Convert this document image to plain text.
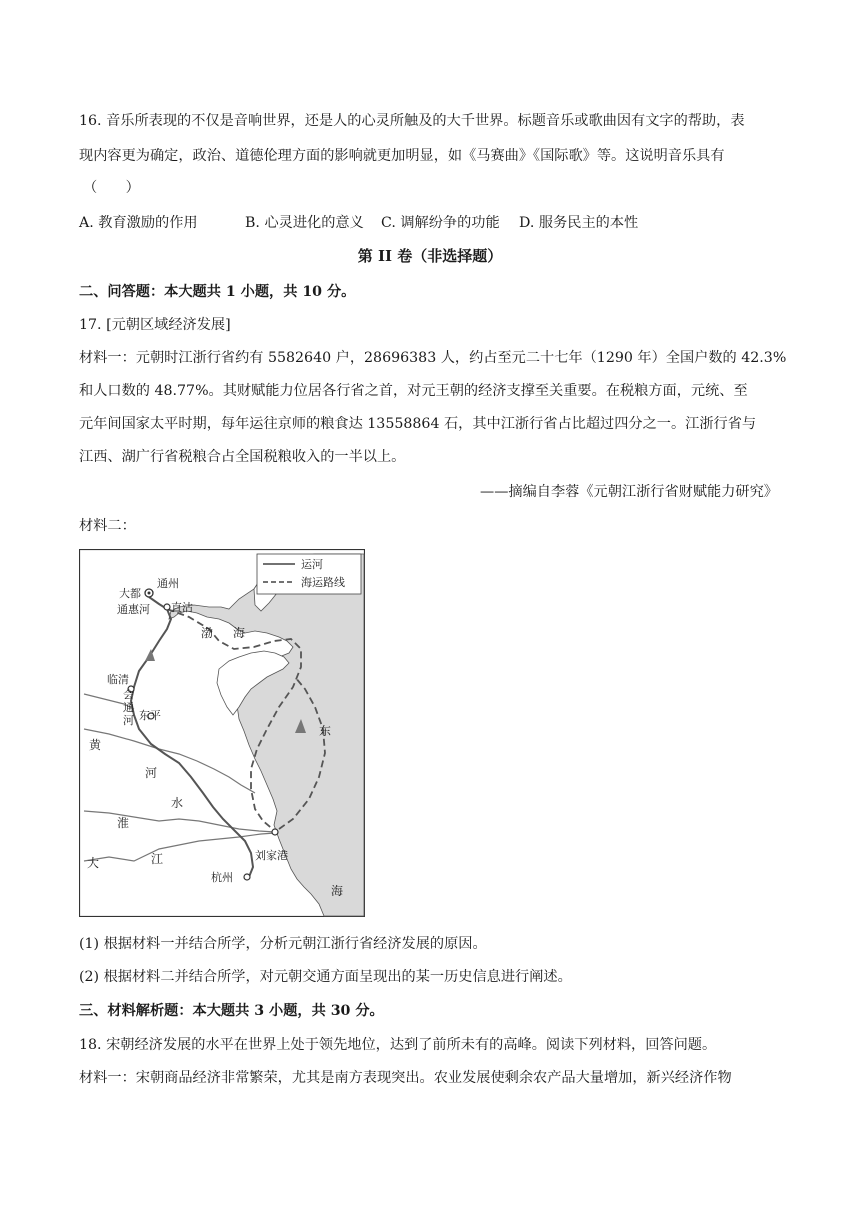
16. 音乐所表现的不仅是音响世界，还是人的心灵所触及的大千世界。标题音乐或歌曲因有文字的帮助，表
现内容更为确定，政治、道德伦理方面的影响就更加明显，如《马赛曲》《国际歌》等。这说明音乐具有
（　　）
A. 教育激励的作用	B. 心灵进化的意义 C. 调解纷争的功能 D. 服务民主的本性
第 II 卷（非选择题）
二、问答题：本大题共 1 小题，共 10 分。
17. [元朝区域经济发展]
材料一：元朝时江浙行省约有 5582640 户，28696383 人，约占至元二十七年（1290 年）全国户数的 42.3%
和人口数的 48.77%。其财赋能力位居各行省之首，对元王朝的经济支撑至关重要。在税粮方面，元统、至
元年间国家太平时期，每年运往京师的粮食达 13558864 石，其中江浙行省占比超过四分之一。江浙行省与
江西、湖广行省税粮合占全国税粮收入的一半以上。
——摘编自李蓉《元朝江浙行省财赋能力研究》
材料二：
运河
海运路线
大都
通州
通惠河 直沽
渤 海
临清
东平
黄
河
水
淮
大	江	刘家港
杭州
东
海
会通河
(1) 根据材料一并结合所学，分析元朝江浙行省经济发展的原因。
(2) 根据材料二并结合所学，对元朝交通方面呈现出的某一历史信息进行阐述。
三、材料解析题：本大题共 3 小题，共 30 分。
18. 宋朝经济发展的水平在世界上处于领先地位，达到了前所未有的高峰。阅读下列材料，回答问题。
材料一：宋朝商品经济非常繁荣，尤其是南方表现突出。农业发展使剩余农产品大量增加，新兴经济作物
